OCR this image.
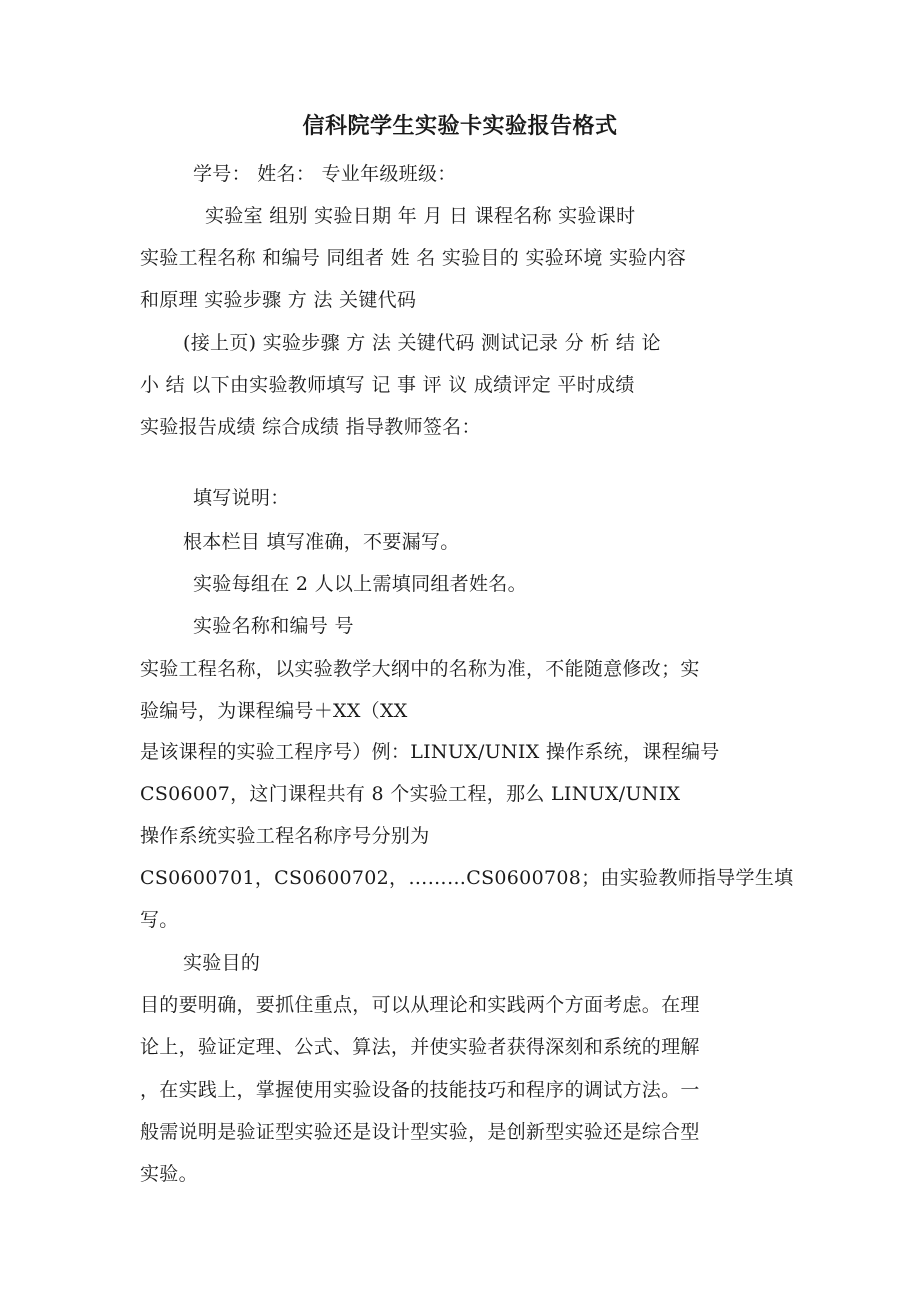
信科院学生实验卡实验报告格式
学号： 姓名： 专业年级班级：
实验室 组别 实验日期 年 月 日 课程名称 实验课时
实验工程名称 和编号 同组者 姓 名 实验目的 实验环境 实验内容
和原理 实验步骤 方 法 关键代码
(接上页) 实验步骤 方 法 关键代码 测试记录 分 析 结 论
小 结 以下由实验教师填写 记 事 评 议 成绩评定 平时成绩
实验报告成绩 综合成绩 指导教师签名：
填写说明：
根本栏目 填写准确，不要漏写。
实验每组在 2 人以上需填同组者姓名。
实验名称和编号 号
实验工程名称，以实验教学大纲中的名称为准，不能随意修改；实
验编号，为课程编号＋XX（XX
是该课程的实验工程序号）例：LINUX/UNIX 操作系统，课程编号
CS06007，这门课程共有 8 个实验工程，那么 LINUX/UNIX
操作系统实验工程名称序号分别为
CS0600701，CS0600702，………CS0600708；由实验教师指导学生填
写。
实验目的
目的要明确，要抓住重点，可以从理论和实践两个方面考虑。在理
论上，验证定理、公式、算法，并使实验者获得深刻和系统的理解
，在实践上，掌握使用实验设备的技能技巧和程序的调试方法。一
般需说明是验证型实验还是设计型实验，是创新型实验还是综合型
实验。
